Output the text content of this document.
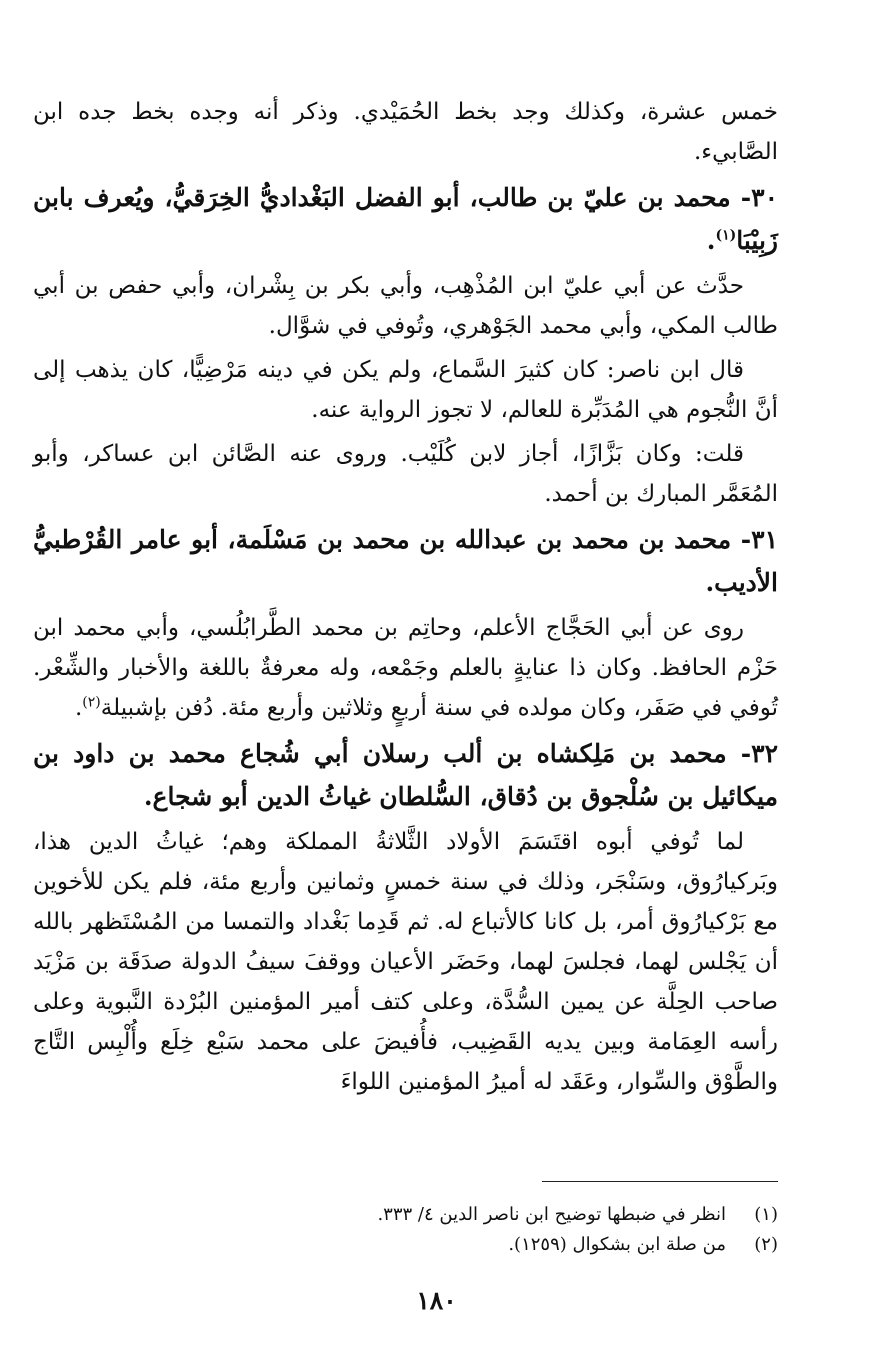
خمس عشرة، وكذلك وجد بخط الحُمَيْدي. وذكر أنه وجده بخط جده ابن الصَّابيء.

٣٠- محمد بن عليّ بن طالب، أبو الفضل البَغْداديُّ الخِرَقيُّ، ويُعرف بابن زَبِيْبَا$^{(١)}$.

حدَّث عن أبي عليّ ابن المُذْهِب، وأبي بكر بن بِشْران، وأبي حفص بن أبي طالب المكي، وأبي محمد الجَوْهري، وتُوفي في شوَّال.

قال ابن ناصر: كان كثيرَ السَّماع، ولم يكن في دينه مَرْضِيًّا، كان يذهب إلى أنَّ النُّجوم هي المُدَبِّرة للعالم، لا تجوز الرواية عنه.

قلت: وكان بَزَّازًا، أجاز لابن كُلَيْب. وروى عنه الصَّائن ابن عساكر، وأبو المُعَمَّر المبارك بن أحمد.

٣١- محمد بن محمد بن عبدالله بن محمد بن مَسْلَمة، أبو عامر القُرْطبيُّ الأديب.

روى عن أبي الحَجَّاج الأعلم، وحاتِم بن محمد الطَّرابُلُسي، وأبي محمد ابن حَزْم الحافظ. وكان ذا عنايةٍ بالعلم وجَمْعه، وله معرفةٌ باللغة والأخبار والشِّعْر. تُوفي في صَفَر، وكان مولده في سنة أربعٍ وثلاثين وأربع مئة. دُفن بإشبيلة$^{(٢)}$.

٣٢- محمد بن مَلِكشاه بن ألب رسلان أبي شُجاع محمد بن داود بن ميكائيل بن سُلْجوق بن دُقاق، السُّلطان غياثُ الدين أبو شجاع.

لما تُوفي أبوه اقتَسَمَ الأولاد الثَّلاثةُ المملكة وهم؛ غياثُ الدين هذا، وبَركيارُوق، وسَنْجَر، وذلك في سنة خمسٍ وثمانين وأربع مئة، فلم يكن للأخوين مع بَرْكيارُوق أمر، بل كانا كالأتباع له. ثم قَدِما بَغْداد والتمسا من المُسْتَظهر بالله أن يَجْلس لهما، فجلسَ لهما، وحَضَر الأعيان ووقفَ سيفُ الدولة صدَقَة بن مَزْيَد صاحب الحِلَّة عن يمين السُّدَّة، وعلى كتف أمير المؤمنين البُرْدة النَّبوية وعلى رأسه العِمَامة وبين يديه القَضِيب، فأُفيضَ على محمد سَبْع خِلَع وأُلْبِس التَّاج والطَّوْق والسِّوار، وعَقَد له أميرُ المؤمنين اللواءَ

(١)انظر في ضبطها توضيح ابن ناصر الدين ٤/ ٣٣٣.

(٢)من صلة ابن بشكوال (١٢٥٩).

١٨٠
